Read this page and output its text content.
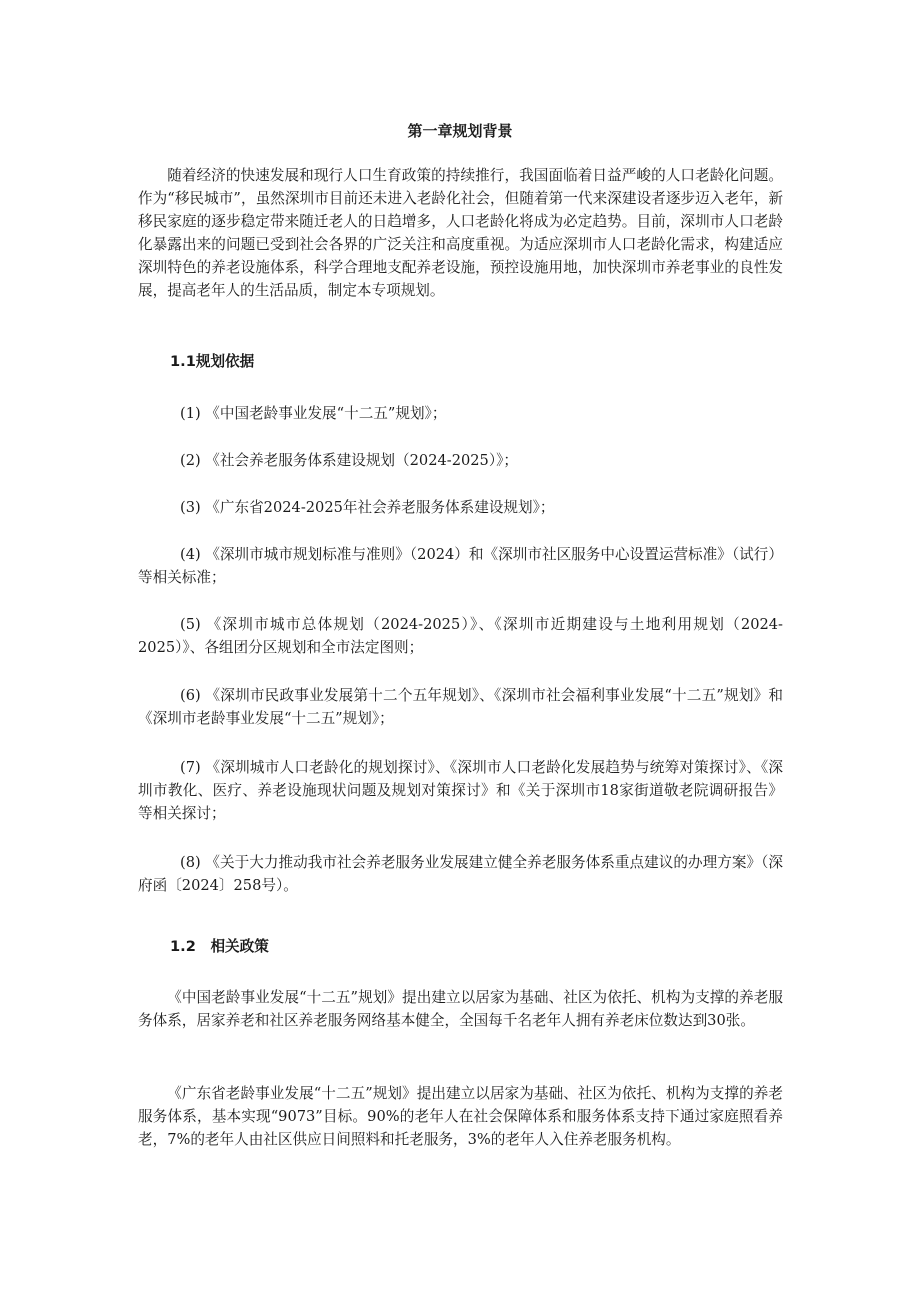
第一章规划背景

随着经济的快速发展和现行人口生育政策的持续推行，我国面临着日益严峻的人口老龄化问题。作为“移民城市”，虽然深圳市目前还未进入老龄化社会，但随着第一代来深建设者逐步迈入老年，新移民家庭的逐步稳定带来随迁老人的日趋增多，人口老龄化将成为必定趋势。目前，深圳市人口老龄化暴露出来的问题已受到社会各界的广泛关注和高度重视。为适应深圳市人口老龄化需求，构建适应深圳特色的养老设施体系，科学合理地支配养老设施，预控设施用地，加快深圳市养老事业的良性发展，提高老年人的生活品质，制定本专项规划。

1.1规划依据
(1) 《中国老龄事业发展“十二五”规划》；
(2) 《社会养老服务体系建设规划（2024-2025）》；
(3) 《广东省2024-2025年社会养老服务体系建设规划》；
(4) 《深圳市城市规划标准与准则》（2024）和《深圳市社区服务中心设置运营标准》（试行）等相关标准；
(5) 《深圳市城市总体规划（2024-2025）》、《深圳市近期建设与土地利用规划（2024-2025）》、各组团分区规划和全市法定图则；
(6) 《深圳市民政事业发展第十二个五年规划》、《深圳市社会福利事业发展“十二五”规划》和《深圳市老龄事业发展“十二五”规划》；
(7) 《深圳城市人口老龄化的规划探讨》、《深圳市人口老龄化发展趋势与统筹对策探讨》、《深圳市教化、医疗、养老设施现状问题及规划对策探讨》和《关于深圳市18家街道敬老院调研报告》等相关探讨；
(8) 《关于大力推动我市社会养老服务业发展建立健全养老服务体系重点建议的办理方案》（深府函〔2024〕258号）。
1.2　相关政策

《中国老龄事业发展“十二五”规划》提出建立以居家为基础、社区为依托、机构为支撑的养老服务体系，居家养老和社区养老服务网络基本健全，全国每千名老年人拥有养老床位数达到30张。

《广东省老龄事业发展“十二五”规划》提出建立以居家为基础、社区为依托、机构为支撑的养老服务体系，基本实现“9073”目标。90%的老年人在社会保障体系和服务体系支持下通过家庭照看养老，7%的老年人由社区供应日间照料和托老服务，3%的老年人入住养老服务机构。
